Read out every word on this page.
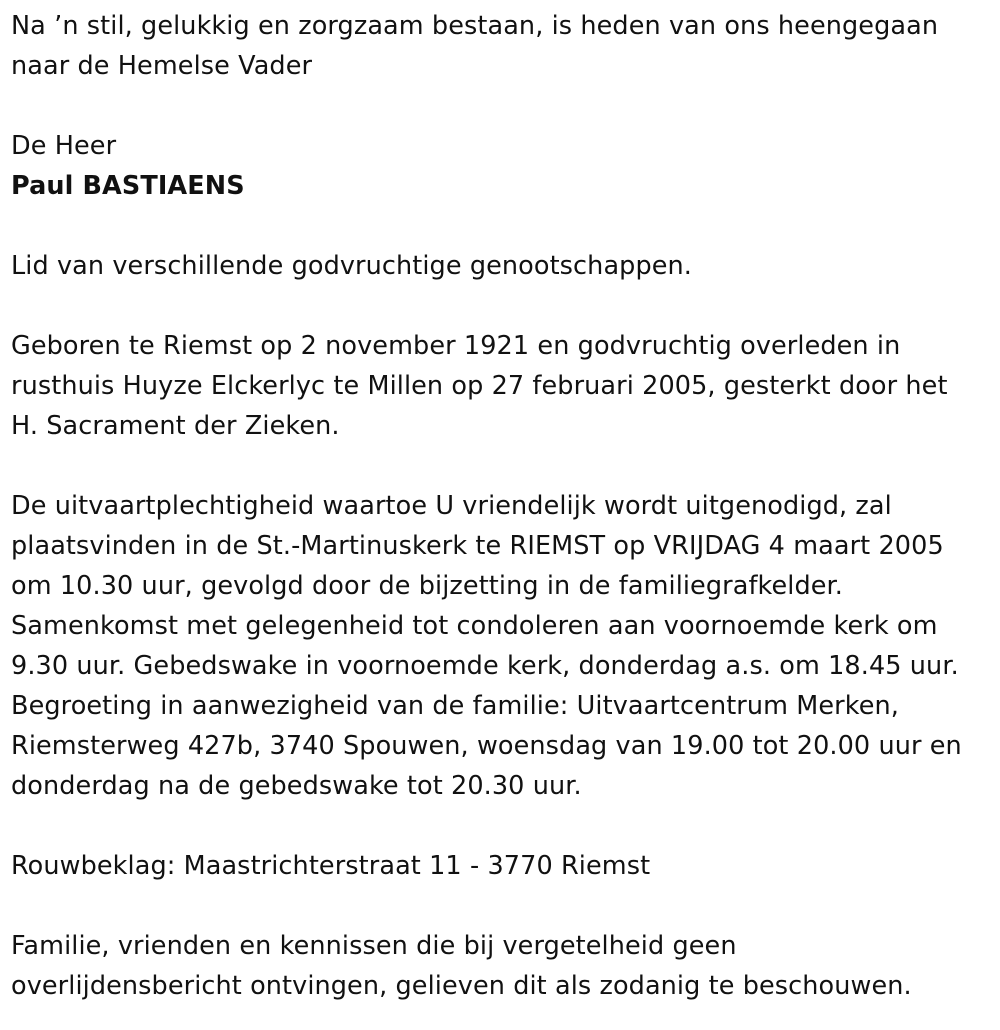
Na ’n stil, gelukkig en zorgzaam bestaan, is heden van ons heengegaan
naar de Hemelse Vader

De Heer
Paul BASTIAENS

Lid van verschillende godvruchtige genootschappen.

Geboren te Riemst op 2 november 1921 en godvruchtig overleden in
rusthuis Huyze Elckerlyc te Millen op 27 februari 2005, gesterkt door het
H. Sacrament der Zieken.

De uitvaartplechtigheid waartoe U vriendelijk wordt uitgenodigd, zal
plaatsvinden in de St.-Martinuskerk te RIEMST op VRIJDAG 4 maart 2005
om 10.30 uur, gevolgd door de bijzetting in de familiegrafkelder.
Samenkomst met gelegenheid tot condoleren aan voornoemde kerk om
9.30 uur. Gebedswake in voornoemde kerk, donderdag a.s. om 18.45 uur.
Begroeting in aanwezigheid van de familie: Uitvaartcentrum Merken,
Riemsterweg 427b, 3740 Spouwen, woensdag van 19.00 tot 20.00 uur en
donderdag na de gebedswake tot 20.30 uur.

Rouwbeklag: Maastrichterstraat 11 - 3770 Riemst

Familie, vrienden en kennissen die bij vergetelheid geen
overlijdensbericht ontvingen, gelieven dit als zodanig te beschouwen.
